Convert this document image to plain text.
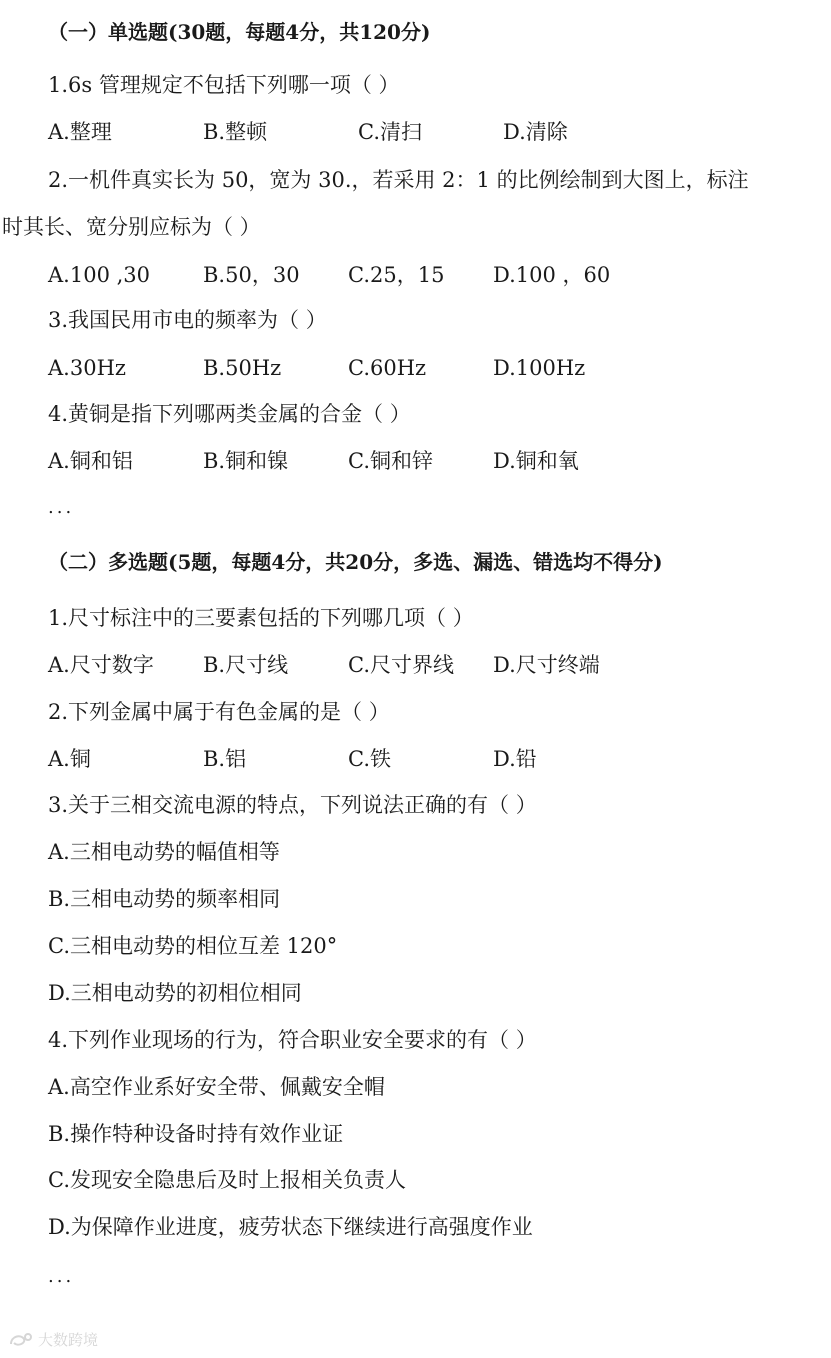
（一）单选题(30题，每题4分，共120分)
1.6s 管理规定不包括下列哪一项（ ）
A.整理	B.整顿	C.清扫	D.清除
2.一机件真实长为 50，宽为 30.，若采用 2：1 的比例绘制到大图上，标注
时其长、宽分别应标为（ ）
A.100 ,30	B.50，30 C.25，15 D.100 ，60
3.我国民用市电的频率为（ ）
A.30Hz	B.50Hz	C.60Hz	D.100Hz
4.黄铜是指下列哪两类金属的合金（ ）
A.铜和铝	B.铜和镍	C.铜和锌	D.铜和氧
...
（二）多选题(5题，每题4分，共20分，多选、漏选、错选均不得分)
1.尺寸标注中的三要素包括的下列哪几项（ ）
A.尺寸数字 B.尺寸线	C.尺寸界线 D.尺寸终端
2.下列金属中属于有色金属的是（ ）
A.铜	B.铝	C.铁	D.铅
3.关于三相交流电源的特点，下列说法正确的有（ ）
A.三相电动势的幅值相等
B.三相电动势的频率相同
C.三相电动势的相位互差 120°
D.三相电动势的初相位相同
4.下列作业现场的行为，符合职业安全要求的有（ ）
A.高空作业系好安全带、佩戴安全帽
B.操作特种设备时持有效作业证
C.发现安全隐患后及时上报相关负责人
D.为保障作业进度，疲劳状态下继续进行高强度作业
...
大数跨境
